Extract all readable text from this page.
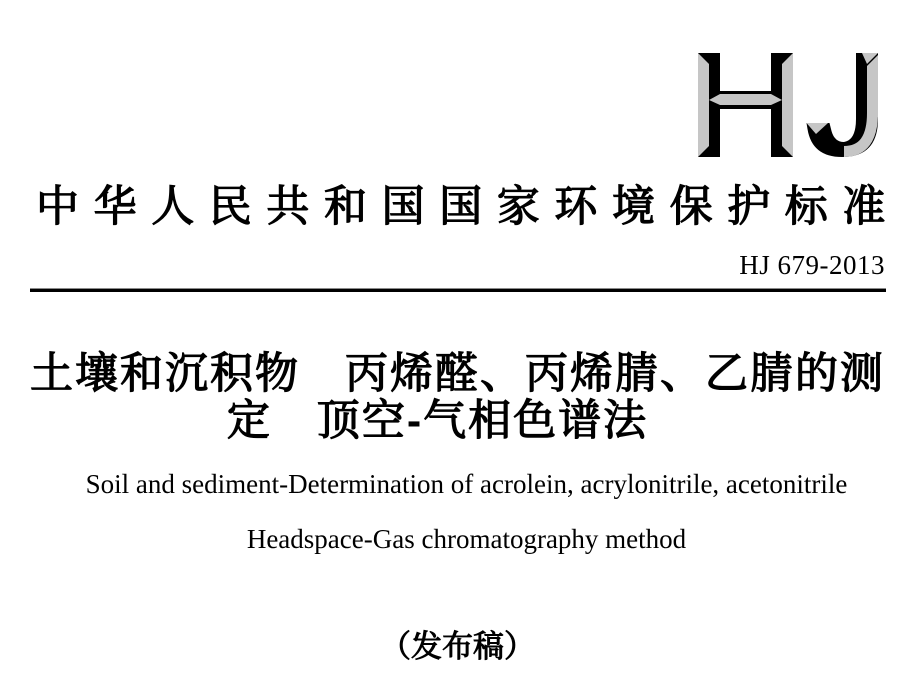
中华人民共和国国家环境保护标准
HJ 679-2013
土壤和沉积物　丙烯醛、丙烯腈、乙腈的测
定　顶空-气相色谱法
Soil and sediment-Determination of acrolein, acrylonitrile, acetonitrile
Headspace-Gas chromatography method
（发布稿）
